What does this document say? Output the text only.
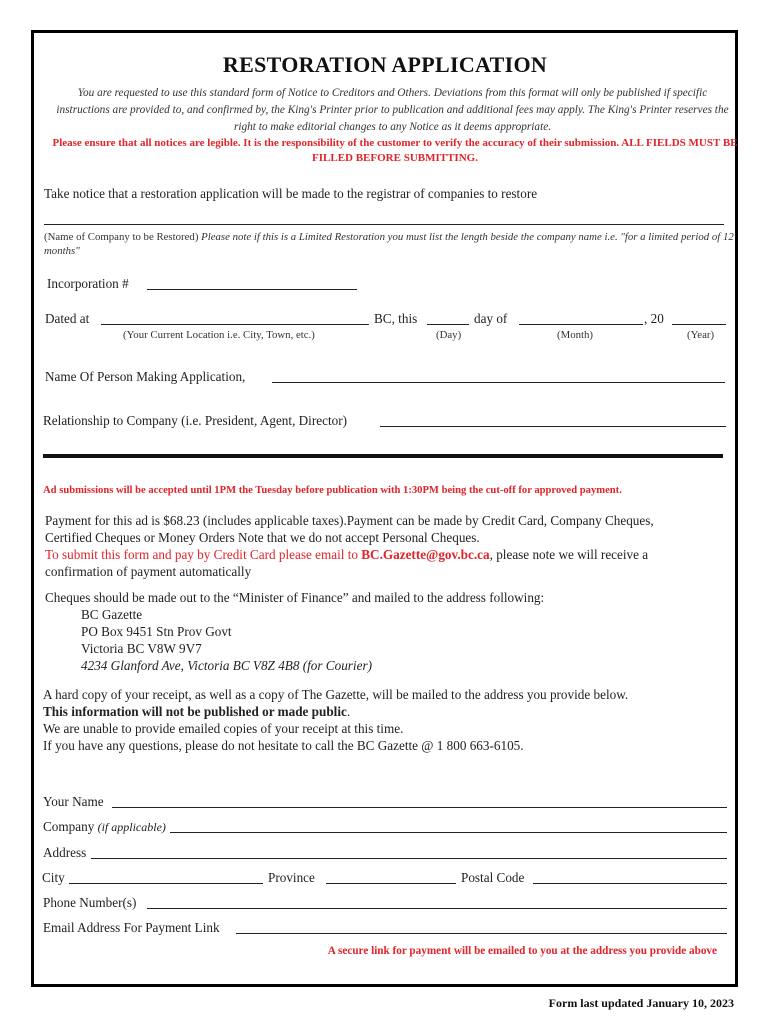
RESTORATION APPLICATION
You are requested to use this standard form of Notice to Creditors and Others. Deviations from this format will only be published if specific instructions are provided to, and confirmed by, the King's Printer prior to publication and additional fees may apply. The King's Printer reserves the right to make editorial changes to any Notice as it deems appropriate.
Please ensure that all notices are legible. It is the responsibility of the customer to verify the accuracy of their submission. ALL FIELDS MUST BE FILLED BEFORE SUBMITTING.
Take notice that a restoration application will be made to the registrar of companies to restore
(Name of Company to be Restored) Please note if this is a Limited Restoration you must list the length beside the company name i.e. "for a limited period of 12 months"
Incorporation #
Dated at	BC, this	day of	, 20
(Your Current Location i.e. City, Town, etc.)	(Day)	(Month)	(Year)
Name Of Person Making Application,
Relationship to Company (i.e. President, Agent, Director)
Ad submissions will be accepted until 1PM the Tuesday before publication with 1:30PM being the cut-off for approved payment.
Payment for this ad is $68.23 (includes applicable taxes).Payment can be made by Credit Card, Company Cheques,
Certified Cheques or Money Orders Note that we do not accept Personal Cheques.
To submit this form and pay by Credit Card please email to BC.Gazette@gov.bc.ca, please note we will receive a
confirmation of payment automatically
Cheques should be made out to the “Minister of Finance” and mailed to the address following:
BC Gazette
PO Box 9451 Stn Prov Govt
Victoria BC V8W 9V7
4234 Glanford Ave, Victoria BC V8Z 4B8 (for Courier)
A hard copy of your receipt, as well as a copy of The Gazette, will be mailed to the address you provide below.
This information will not be published or made public.
We are unable to provide emailed copies of your receipt at this time.
If you have any questions, please do not hesitate to call the BC Gazette @ 1 800 663-6105.
Your Name
Company (if applicable)
Address
City	Province	Postal Code
Phone Number(s)
Email Address For Payment Link
A secure link for payment will be emailed to you at the address you provide above
Form last updated January 10, 2023
